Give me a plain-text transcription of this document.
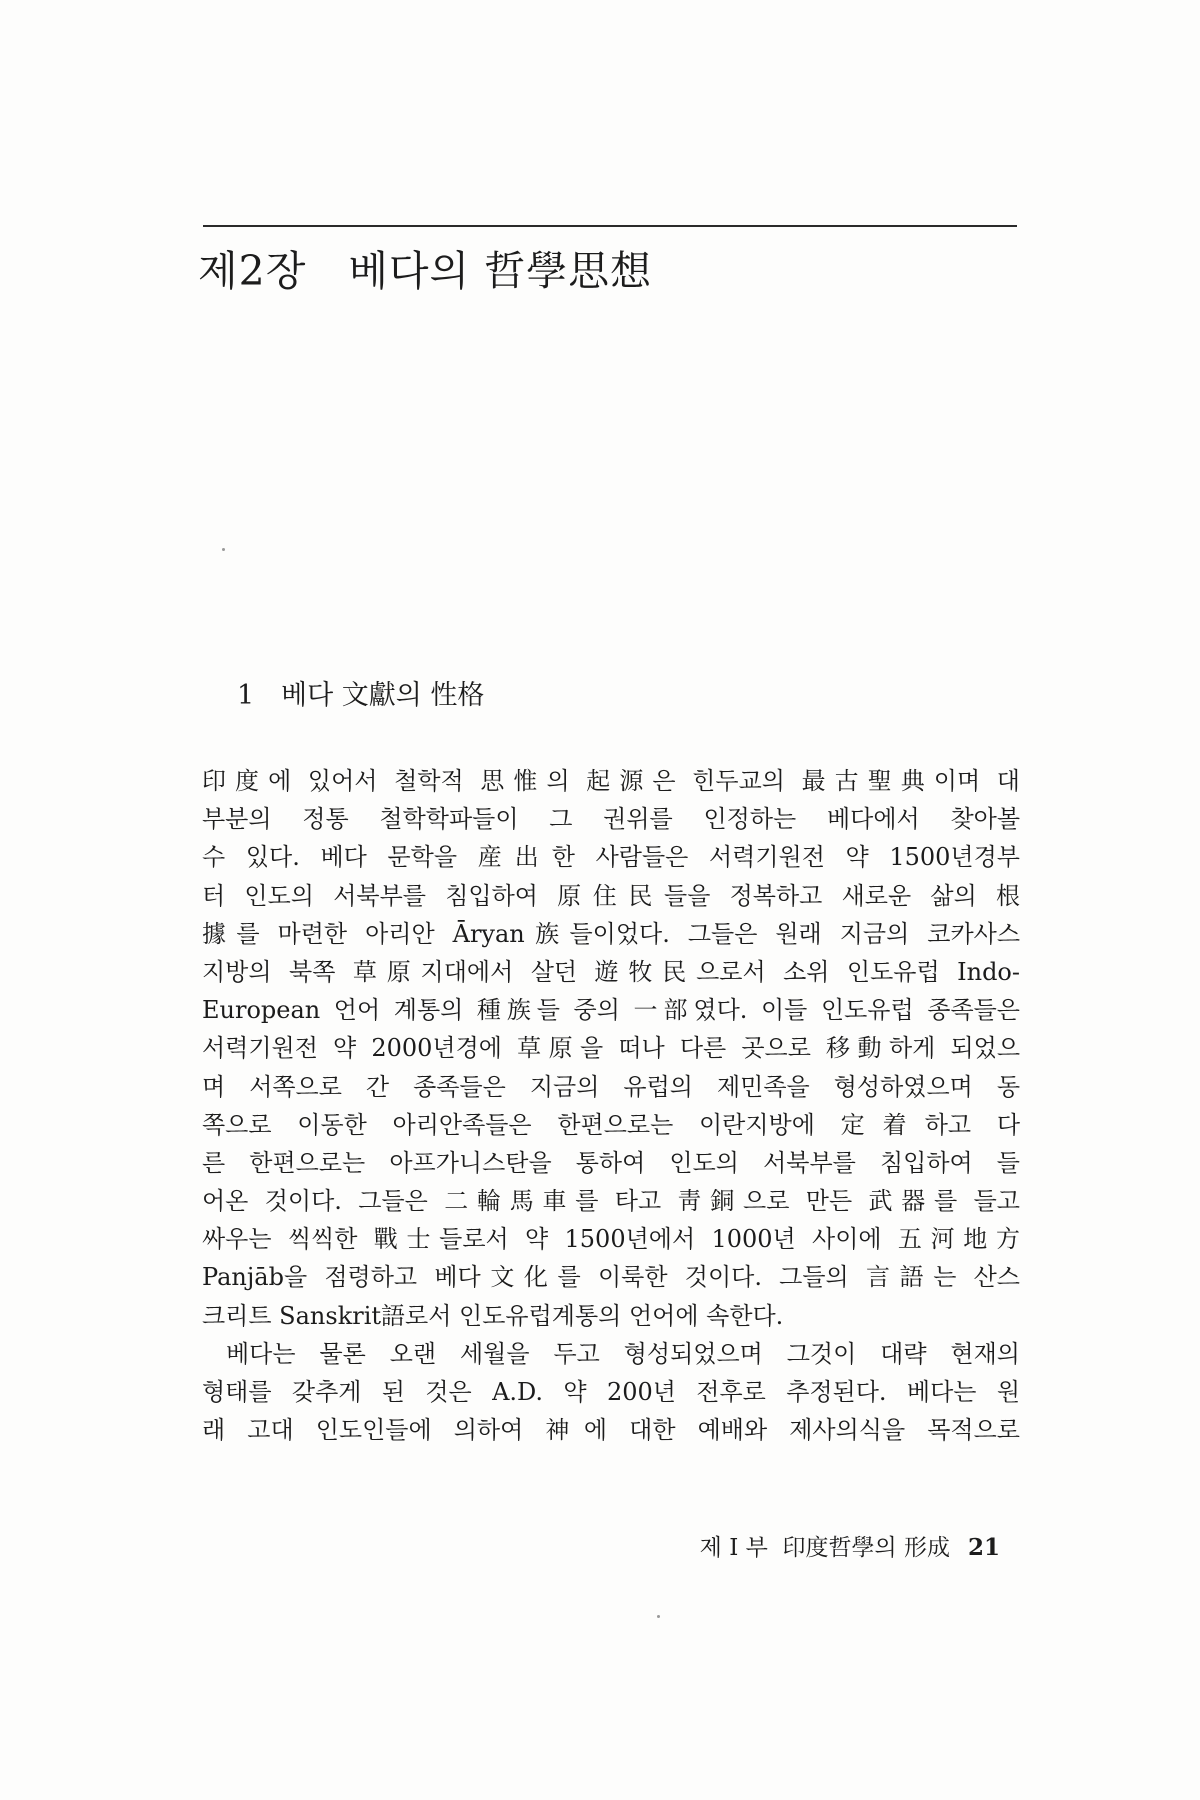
제2장 베다의 哲學思想
1 베다 文獻의 性格
印度에 있어서 철학적 思惟의 起源은 힌두교의 最古聖典이며 대
부분의 정통 철학학파들이 그 권위를 인정하는 베다에서 찾아볼
수 있다. 베다 문학을 産出한 사람들은 서력기원전 약 1500년경부
터 인도의 서북부를 침입하여 原住民들을 정복하고 새로운 삶의 根
據를 마련한 아리안 Āryan族들이었다. 그들은 원래 지금의 코카사스
지방의 북쪽 草原지대에서 살던 遊牧民으로서 소위 인도유럽 Indo-
European 언어 계통의 種族들 중의 一部였다. 이들 인도유럽 종족들은
서력기원전 약 2000년경에 草原을 떠나 다른 곳으로 移動하게 되었으
며 서쪽으로 간 종족들은 지금의 유럽의 제민족을 형성하였으며 동
쪽으로 이동한 아리안족들은 한편으로는 이란지방에 定着하고 다
른 한편으로는 아프가니스탄을 통하여 인도의 서북부를 침입하여 들
어온 것이다. 그들은 二輪馬車를 타고 靑銅으로 만든 武器를 들고
싸우는 씩씩한 戰士들로서 약 1500년에서 1000년 사이에 五河地方
Panjāb을 점령하고 베다文化를 이룩한 것이다. 그들의 言語는 산스
크리트 Sanskrit語로서 인도유럽계통의 언어에 속한다.
베다는 물론 오랜 세월을 두고 형성되었으며 그것이 대략 현재의
형태를 갖추게 된 것은 A.D. 약 200년 전후로 추정된다. 베다는 원
래 고대 인도인들에 의하여 神에 대한 예배와 제사의식을 목적으로
제 I 부 印度哲學의 形成 21
